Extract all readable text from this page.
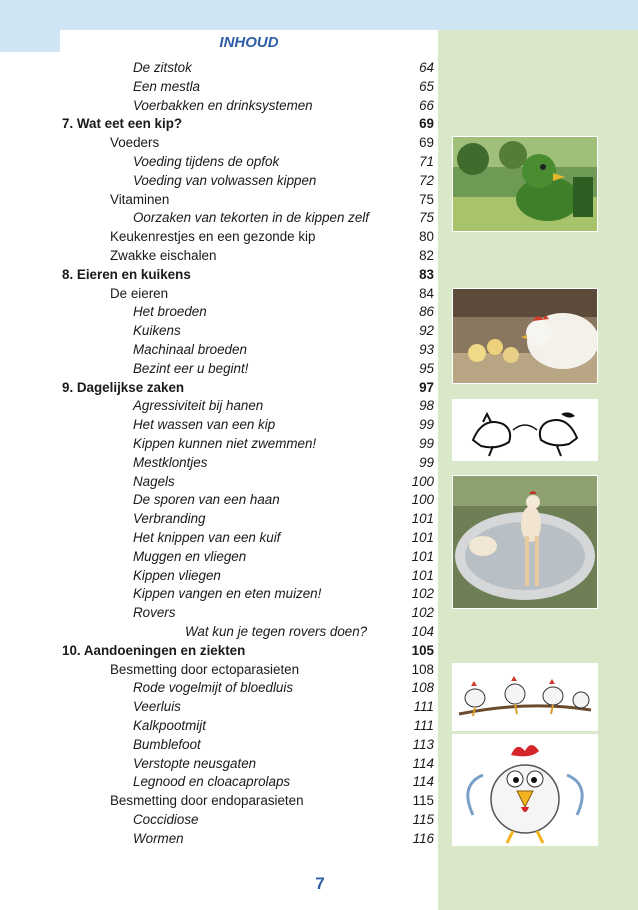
INHOUD
De zitstok	64
Een mestla	65
Voerbakken en drinksystemen	66
7. Wat eet een kip?	69
Voeders	69
Voeding tijdens de opfok	71
Voeding van volwassen kippen	72
Vitaminen	75
Oorzaken van tekorten in de kippen zelf	75
Keukenrestjes en een gezonde kip	80
Zwakke eischalen	82
8. Eieren en kuikens	83
De eieren	84
Het broeden	86
Kuikens	92
Machinaal broeden	93
Bezint eer u begint!	95
9. Dagelijkse zaken	97
Agressiviteit bij hanen	98
Het wassen van een kip	99
Kippen kunnen niet zwemmen!	99
Mestklontjes	99
Nagels	100
De sporen van een haan	100
Verbranding	101
Het knippen van een kuif	101
Muggen en vliegen	101
Kippen vliegen	101
Kippen vangen en eten muizen!	102
Rovers	102
Wat kun je tegen rovers doen?	104
10. Aandoeningen en ziekten	105
Besmetting door ectoparasieten	108
Rode vogelmijt of bloedluis	108
Veerluis	111
Kalkpootmijt	111
Bumblefoot	113
Verstopte neusgaten	114
Legnood en cloacaprolaps	114
Besmetting door endoparasieten	115
Coccidiose	115
Wormen	116
7
